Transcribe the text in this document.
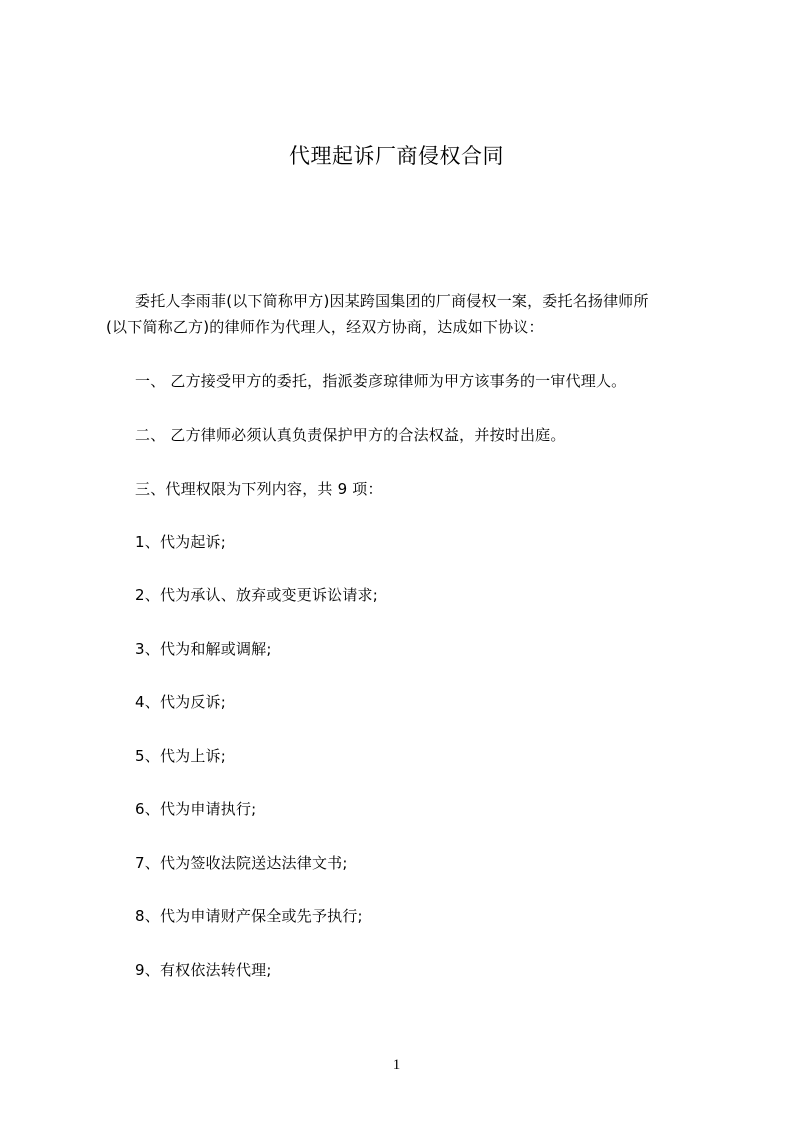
代理起诉厂商侵权合同

委托人李雨菲(以下简称甲方)因某跨国集团的厂商侵权一案，委托名扬律师所

(以下简称乙方)的律师作为代理人，经双方协商，达成如下协议：

一、 乙方接受甲方的委托，指派娄彦琼律师为甲方该事务的一审代理人。

二、 乙方律师必须认真负责保护甲方的合法权益，并按时出庭。

三、代理权限为下列内容，共 9 项：

1、代为起诉;

2、代为承认、放弃或变更诉讼请求;

3、代为和解或调解;

4、代为反诉;

5、代为上诉;

6、代为申请执行;

7、代为签收法院送达法律文书;

8、代为申请财产保全或先予执行;

9、有权依法转代理;

1
